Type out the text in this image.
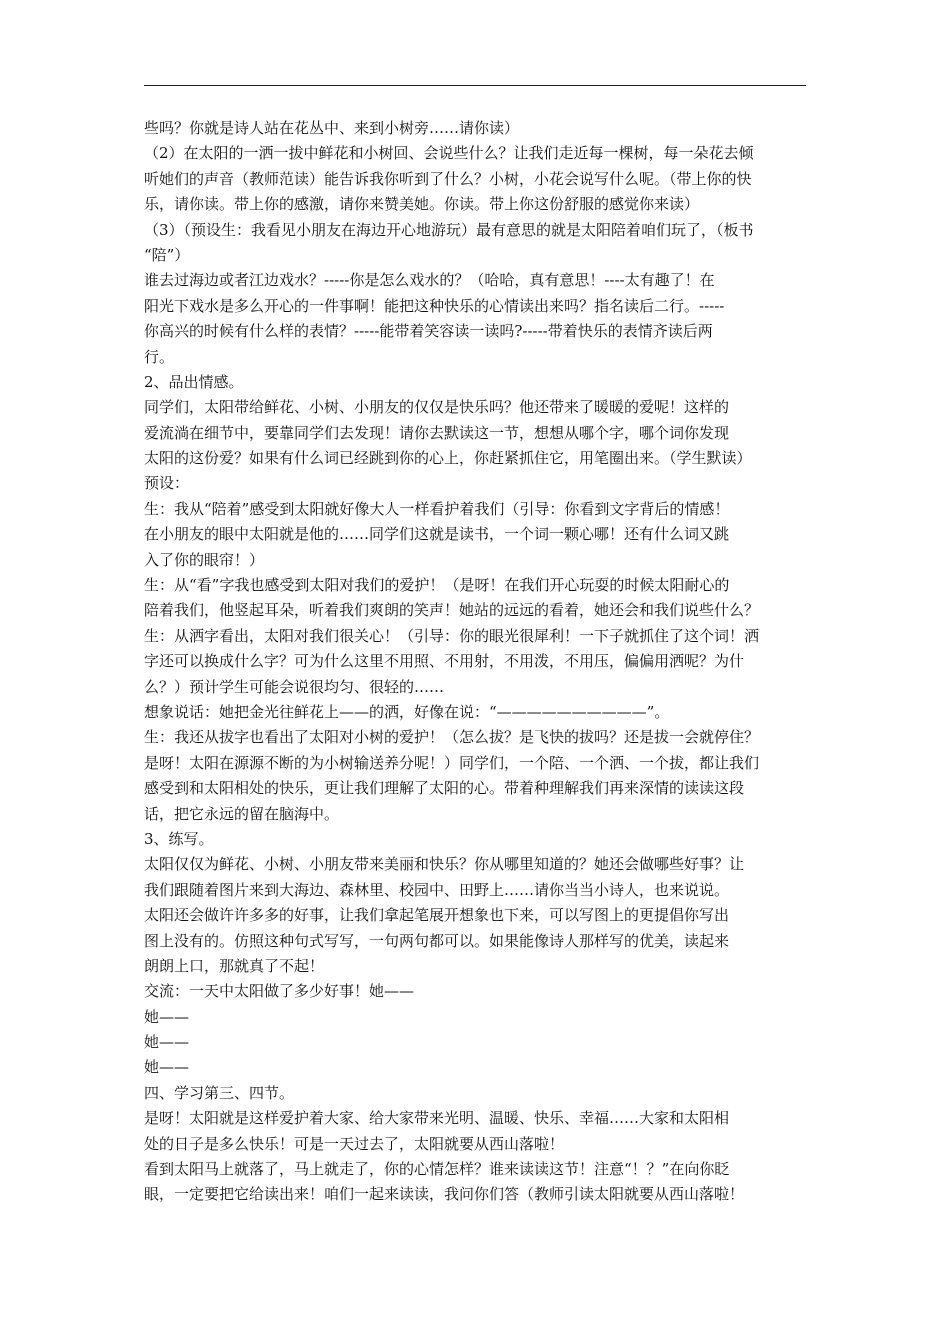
些吗？你就是诗人站在花丛中、来到小树旁……请你读）
（2）在太阳的一洒一拔中鲜花和小树回、会说些什么？让我们走近每一棵树，每一朵花去倾
听她们的声音（教师范读）能告诉我你听到了什么？小树，小花会说写什么呢。（带上你的快
乐，请你读。带上你的感激，请你来赞美她。你读。带上你这份舒服的感觉你来读）
（3）（预设生：我看见小朋友在海边开心地游玩）最有意思的就是太阳陪着咱们玩了，（板书
“陪”）
谁去过海边或者江边戏水？-----你是怎么戏水的？（哈哈，真有意思！----太有趣了！在
阳光下戏水是多么开心的一件事啊！能把这种快乐的心情读出来吗？指名读后二行。-----
你高兴的时候有什么样的表情？-----能带着笑容读一读吗?-----带着快乐的表情齐读后两
行。
2、品出情感。
同学们，太阳带给鲜花、小树、小朋友的仅仅是快乐吗？他还带来了暖暖的爱呢！这样的
爱流淌在细节中，要靠同学们去发现！请你去默读这一节，想想从哪个字，哪个词你发现
太阳的这份爱？如果有什么词已经跳到你的心上，你赶紧抓住它，用笔圈出来。（学生默读）
预设：
生：我从“陪着”感受到太阳就好像大人一样看护着我们（引导：你看到文字背后的情感！
在小朋友的眼中太阳就是他的……同学们这就是读书，一个词一颗心哪！还有什么词又跳
入了你的眼帘！）
生：从“看”字我也感受到太阳对我们的爱护！（是呀！在我们开心玩耍的时候太阳耐心的
陪着我们，他竖起耳朵，听着我们爽朗的笑声！她站的远远的看着，她还会和我们说些什么？
生：从洒字看出，太阳对我们很关心！（引导：你的眼光很犀利！一下子就抓住了这个词！洒
字还可以换成什么字？可为什么这里不用照、不用射，不用泼，不用压，偏偏用洒呢？为什
么？）预计学生可能会说很均匀、很轻的……
想象说话：她把金光往鲜花上——的洒，好像在说：“——————————”。
生：我还从拔字也看出了太阳对小树的爱护！（怎么拔？是飞快的拔吗？还是拔一会就停住？
是呀！太阳在源源不断的为小树输送养分呢！）同学们，一个陪、一个洒、一个拔，都让我们
感受到和太阳相处的快乐，更让我们理解了太阳的心。带着种理解我们再来深情的读读这段
话，把它永远的留在脑海中。
3、练写。
太阳仅仅为鲜花、小树、小朋友带来美丽和快乐？你从哪里知道的？她还会做哪些好事？让
我们跟随着图片来到大海边、森林里、校园中、田野上……请你当当小诗人，也来说说。
太阳还会做许许多多的好事，让我们拿起笔展开想象也下来，可以写图上的更提倡你写出
图上没有的。仿照这种句式写写，一句两句都可以。如果能像诗人那样写的优美，读起来
朗朗上口，那就真了不起！
交流：一天中太阳做了多少好事！她——
她——
她——
她——
四、学习第三、四节。
是呀！太阳就是这样爱护着大家、给大家带来光明、温暖、快乐、幸福……大家和太阳相
处的日子是多么快乐！可是一天过去了，太阳就要从西山落啦！
看到太阳马上就落了，马上就走了，你的心情怎样？谁来读读这节！注意“！？”在向你眨
眼，一定要把它给读出来！咱们一起来读读，我问你们答（教师引读太阳就要从西山落啦！
